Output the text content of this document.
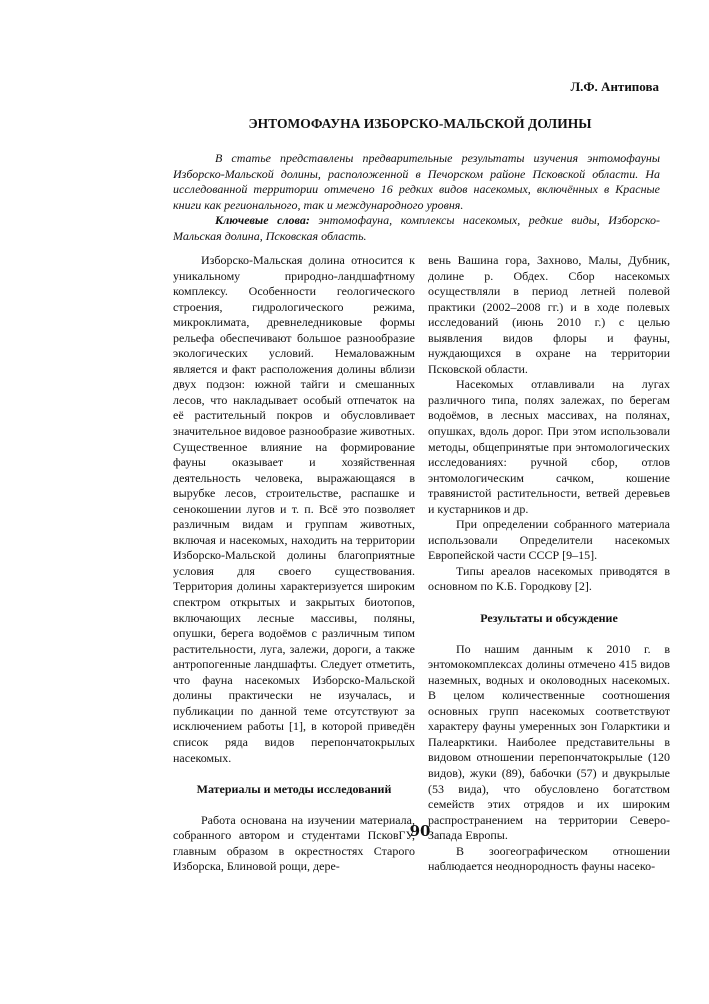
Л.Ф. Антипова
ЭНТОМОФАУНА ИЗБОРСКО-МАЛЬСКОЙ ДОЛИНЫ

В статье представлены предварительные результаты изучения энтомофауны Изборско-Мальской долины, расположенной в Печорском районе Псковской области. На исследованной территории отмечено 16 редких видов насекомых, включённых в Красные книги как регионального, так и международного уровня.

Ключевые слова: энтомофауна, комплексы насекомых, редкие виды, Изборско-Мальская долина, Псковская область.

Изборско-Мальская долина относится к уникальному природно-ландшафтному комплексу. Особенности геологического строения, гидрологического режима, микроклимата, древнеледниковые формы рельефа обеспечивают большое разнообразие экологических условий. Немаловажным является и факт расположения долины вблизи двух подзон: южной тайги и смешанных лесов, что накладывает особый отпечаток на её растительный покров и обусловливает значительное видовое разнообразие животных. Существенное влияние на формирование фауны оказывает и хозяйственная деятельность человека, выражающаяся в вырубке лесов, строительстве, распашке и сенокошении лугов и т. п. Всё это позволяет различным видам и группам животных, включая и насекомых, находить на территории Изборско-Мальской долины благоприятные условия для своего существования. Территория долины характеризуется широким спектром открытых и закрытых биотопов, включающих лесные массивы, поляны, опушки, берега водоёмов с различным типом растительности, луга, залежи, дороги, а также антропогенные ландшафты. Следует отметить, что фауна насекомых Изборско-Мальской долины практически не изучалась, и публикации по данной теме отсутствуют за исключением работы [1], в которой приведён список ряда видов перепончатокрылых насекомых.

Материалы и методы исследований

Работа основана на изучении материала, собранного автором и студентами ПсковГУ, главным образом в окрестностях Старого Изборска, Блиновой рощи, дере-

вень Вашина гора, Захново, Малы, Дубник, долине р. Обдех. Сбор насекомых осуществляли в период летней полевой практики (2002–2008 гг.) и в ходе полевых исследований (июнь 2010 г.) с целью выявления видов флоры и фауны, нуждающихся в охране на территории Псковской области.

Насекомых отлавливали на лугах различного типа, полях залежах, по берегам водоёмов, в лесных массивах, на полянах, опушках, вдоль дорог. При этом использовали методы, общепринятые при энтомологических исследованиях: ручной сбор, отлов энтомологическим сачком, кошение травянистой растительности, ветвей деревьев и кустарников и др.

При определении собранного материала использовали Определители насекомых Европейской части СССР [9–15].

Типы ареалов насекомых приводятся в основном по К.Б. Городкову [2].

Результаты и обсуждение

По нашим данным к 2010 г. в энтомокомплексах долины отмечено 415 видов наземных, водных и околоводных насекомых. В целом количественные соотношения основных групп насекомых соответствуют характеру фауны умеренных зон Голарктики и Палеарктики. Наиболее представительны в видовом отношении перепончатокрылые (120 видов), жуки (89), бабочки (57) и двукрылые (53 вида), что обусловлено богатством семейств этих отрядов и их широким распространением на территории Северо-Запада Европы.

В зоогеографическом отношении наблюдается неоднородность фауны насеко-

90
